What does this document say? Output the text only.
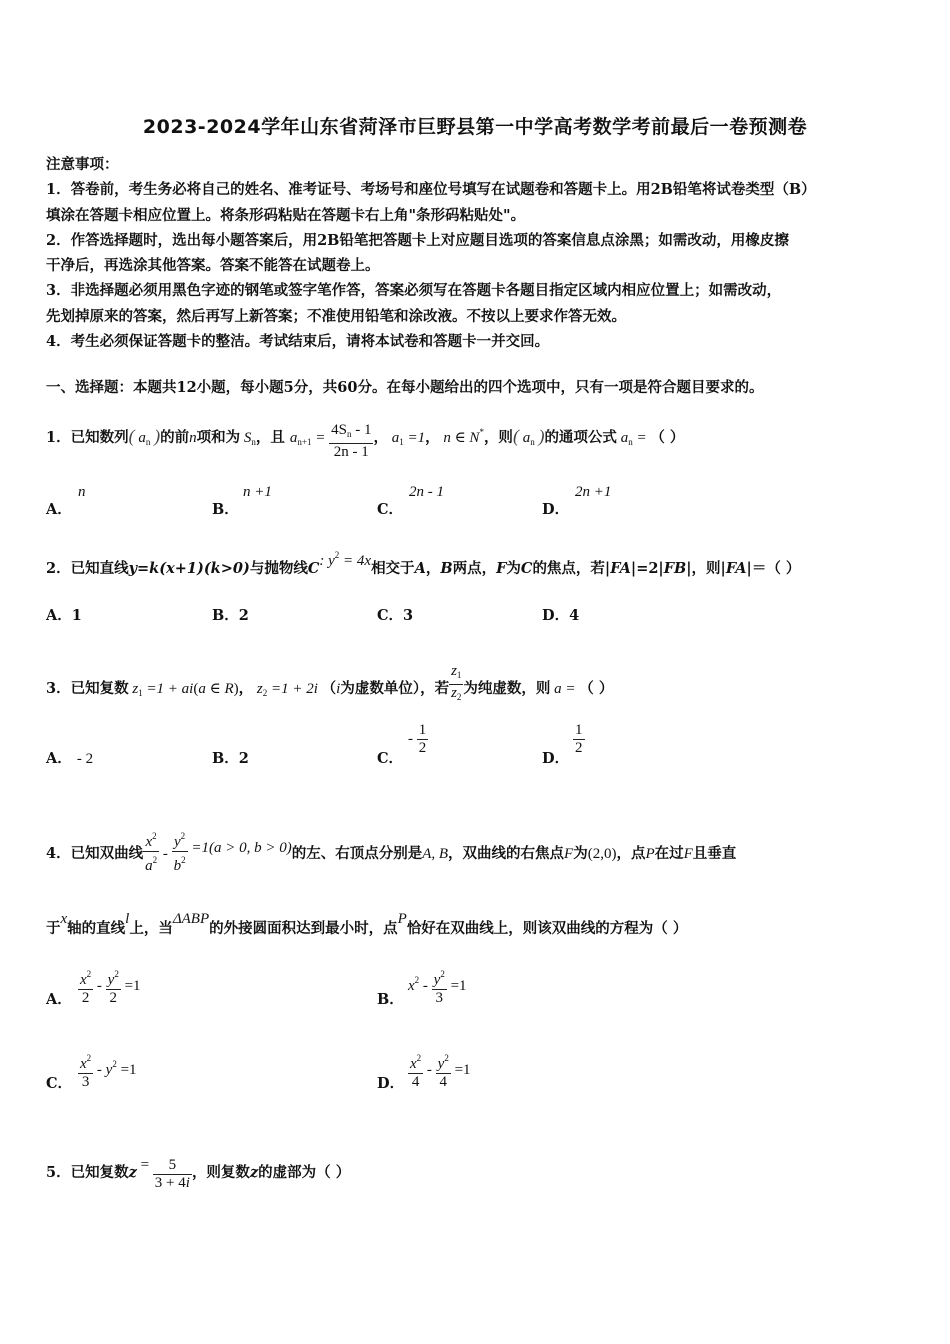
2023-2024学年山东省菏泽市巨野县第一中学高考数学考前最后一卷预测卷

注意事项：

1．答卷前，考生务必将自己的姓名、准考证号、考场号和座位号填写在试题卷和答题卡上。用2B铅笔将试卷类型（B）

填涂在答题卡相应位置上。将条形码粘贴在答题卡右上角"条形码粘贴处"。

2．作答选择题时，选出每小题答案后，用2B铅笔把答题卡上对应题目选项的答案信息点涂黑；如需改动，用橡皮擦

干净后，再选涂其他答案。答案不能答在试题卷上。

3．非选择题必须用黑色字迹的钢笔或签字笔作答，答案必须写在答题卡各题目指定区域内相应位置上；如需改动，

先划掉原来的答案，然后再写上新答案；不准使用铅笔和涂改液。不按以上要求作答无效。

4．考生必须保证答题卡的整洁。考试结束后，请将本试卷和答题卡一并交回。

一、选择题：本题共12小题，每小题5分，共60分。在每小题给出的四个选项中，只有一项是符合题目要求的。
1．已知数列( $a_n$ )的前n项和为 $S_n$，且 $a_{n+1} = \frac{4S_n - 1}{2n - 1}$ ， $a_1 =1$， n ∈ N*，则( $a_n$ )的通项公式 $a_n$ = （ ）
A．
n
B．
n +1
C．
2n - 1
D．
2n +1
2．已知直线y=k(x+1)(k>0)与抛物线C: $y^2 = 4x$相交于A，B两点，F为C的焦点，若|FA|=2|FB|，则|FA|＝（ ）
A．1	B．2	C．3	D．4
3．已知复数 $z_1 =1 + ai(a$ ∈ R)， $z_2 =1 + 2i$ （i为虚数单位），若 $\frac{z_1}{z_2}$ 为纯虚数，则 a = （ ）
A． - 2	B．2	C．
- $\frac{1}{2}$
D．
$\frac{1}{2}$
4．已知双曲线 $\frac{x^2}{a^2} - \frac{y^2}{b^2} =1(a > 0$, b > 0)的左、右顶点分别是A, B，双曲线的右焦点F为(2,0)，点P在过F且垂直
于x轴的直线l上，当ΔABP的外接圆面积达到最小时，点P恰好在双曲线上，则该双曲线的方程为（ ）
A． $\frac{x^2}{2} - \frac{y^2}{2} =1$
B．
$x^2 - \frac{y^2}{3} =1$
C． $\frac{x^2}{3} - y^2 =1$
D． $\frac{x^2}{4} - \frac{y^2}{4} =1$
5．已知复数$z = \frac{5}{3 + 4i}$ ，则复数z的虚部为（ ）
